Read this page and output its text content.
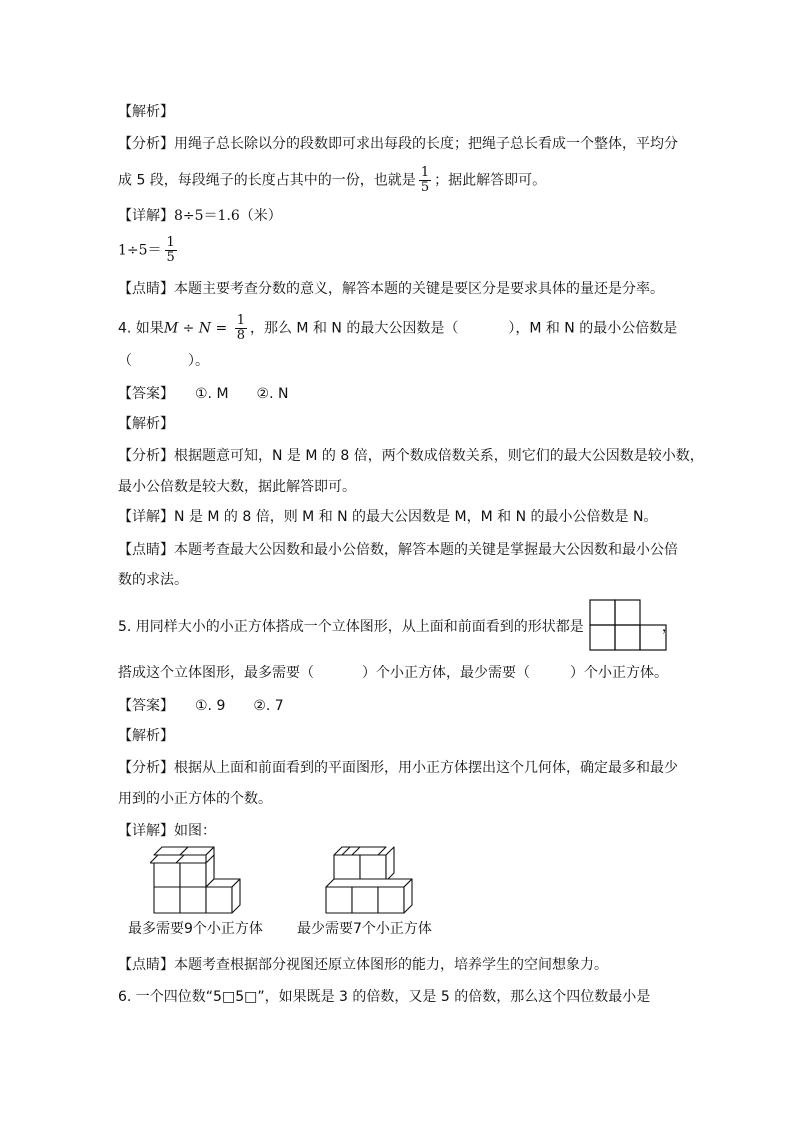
【解析】
【分析】用绳子总长除以分的段数即可求出每段的长度；把绳子总长看成一个整体，平均分
成 5 段，每段绳子的长度占其中的一份，也就是 $\frac{1}{5}$ ；据此解答即可。
【详解】8÷5＝1.6（米）
$1\div 5= \frac{1}{5}$
【点睛】本题主要考查分数的意义，解答本题的关键是要区分是要求具体的量还是分率。
4. 如果$M \div N = \frac{1}{8}$ ，那么 M 和 N 的最大公因数是（	），M 和 N 的最小公倍数是
（　　　　）。
【答案】　　①. M　　②. N
【解析】
【分析】根据题意可知，N 是 M 的 8 倍，两个数成倍数关系，则它们的最大公因数是较小数，
最小公倍数是较大数，据此解答即可。
【详解】N 是 M 的 8 倍，则 M 和 N 的最大公因数是 M，M 和 N 的最小公倍数是 N。
【点睛】本题考查最大公因数和最小公倍数，解答本题的关键是掌握最大公因数和最小公倍
数的求法。
5. 用同样大小的小正方体搭成一个立体图形，从上面和前面看到的形状都是	，
搭成这个立体图形，最多需要（	）个小正方体，最少需要（	）个小正方体。
【答案】　　①. 9　　②. 7
【解析】
【分析】根据从上面和前面看到的平面图形，用小正方体摆出这个几何体，确定最多和最少
用到的小正方体的个数。
【详解】如图：
最多需要9个小正方体 最少需要7个小正方体
【点睛】本题考查根据部分视图还原立体图形的能力，培养学生的空间想象力。
6. 一个四位数“5□5□”，如果既是 3 的倍数，又是 5 的倍数，那么这个四位数最小是
